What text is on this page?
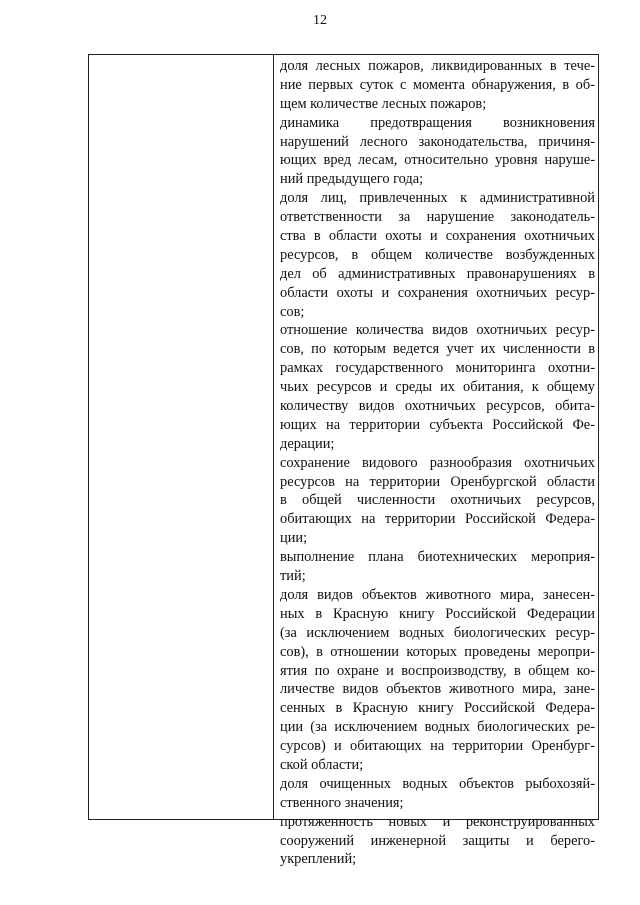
12
доля лесных пожаров, ликвидированных в тече-
ние первых суток с момента обнаружения, в об-
щем количестве лесных пожаров;
динамика предотвращения возникновения
нарушений лесного законодательства, причиня-
ющих вред лесам, относительно уровня наруше-
ний предыдущего года;
доля лиц, привлеченных к административной
ответственности за нарушение законодатель-
ства в области охоты и сохранения охотничьих
ресурсов, в общем количестве возбужденных
дел об административных правонарушениях в
области охоты и сохранения охотничьих ресур-
сов;
отношение количества видов охотничьих ресур-
сов, по которым ведется учет их численности в
рамках государственного мониторинга охотни-
чьих ресурсов и среды их обитания, к общему
количеству видов охотничьих ресурсов, обита-
ющих на территории субъекта Российской Фе-
дерации;
сохранение видового разнообразия охотничьих
ресурсов на территории Оренбургской области
в общей численности охотничьих ресурсов,
обитающих на территории Российской Федера-
ции;
выполнение плана биотехнических мероприя-
тий;
доля видов объектов животного мира, занесен-
ных в Красную книгу Российской Федерации
(за исключением водных биологических ресур-
сов), в отношении которых проведены меропри-
ятия по охране и воспроизводству, в общем ко-
личестве видов объектов животного мира, зане-
сенных в Красную книгу Российской Федера-
ции (за исключением водных биологических ре-
сурсов) и обитающих на территории Оренбург-
ской области;
доля очищенных водных объектов рыбохозяй-
ственного значения;
протяженность новых и реконструированных
сооружений инженерной защиты и берего-
укреплений;
